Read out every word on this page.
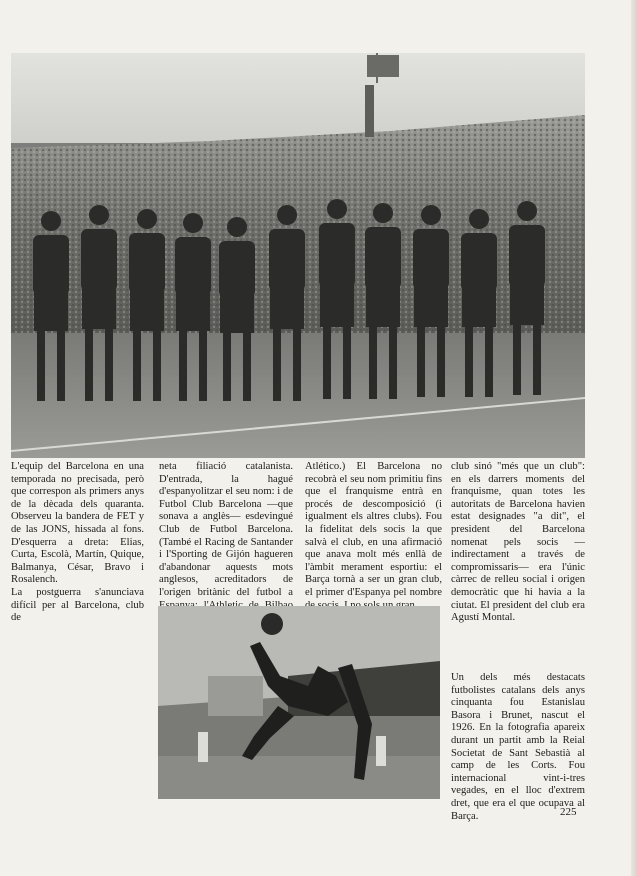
L'equip del Barcelona en una temporada no precisada, però que correspon als primers anys de la dècada dels quaranta. Observeu la bandera de FET y de las JONS, hissada al fons. D'esquerra a dreta: Elias, Curta, Escolà, Martín, Quique, Balmanya, César, Bravo i Rosalench.

La postguerra s'anunciava difícil per al Barcelona, club de

neta filiació catalanista. D'entrada, la hagué d'espanyolitzar el seu nom: i de Futbol Club Barcelona —que sonava a anglès— esdevingué Club de Futbol Barcelona. (També el Racing de Santander i l'Sporting de Gijón hagueren d'abandonar aquests mots anglesos, acreditadors de l'origen britànic del futbol a

Atlético.) El Barcelona no recobrà el seu nom primitiu fins que el franquisme entrà en procés de descomposició (i igualment els altres clubs). Fou la fidelitat dels socis la que salvà el club, en una afirmació que anava molt més enllà de l'àmbit merament esportiu: el Barça tornà a ser un gran club, el primer d'Espanya pel nombre

club sinó "més que un club": en els darrers moments del franquisme, quan totes les autoritats de Barcelona havien estat designades "a dit", el president del Barcelona nomenat pels socis —indirectament a través de compromissaris— era l'únic càrrec de relleu social i origen democràtic que hi havia a la ciutat. El president del club era Agustí Montal.

Un dels més destacats futbolistes catalans dels anys cinquanta fou Estanislau Basora i Brunet, nascut el 1926. En la fotografia apareix durant un partit amb la Reial Societat de Sant Sebastià al camp de les Corts. Fou internacional vint-i-tres vegades, en el lloc d'extrem dret, que era el que ocupava al Barça.	225
